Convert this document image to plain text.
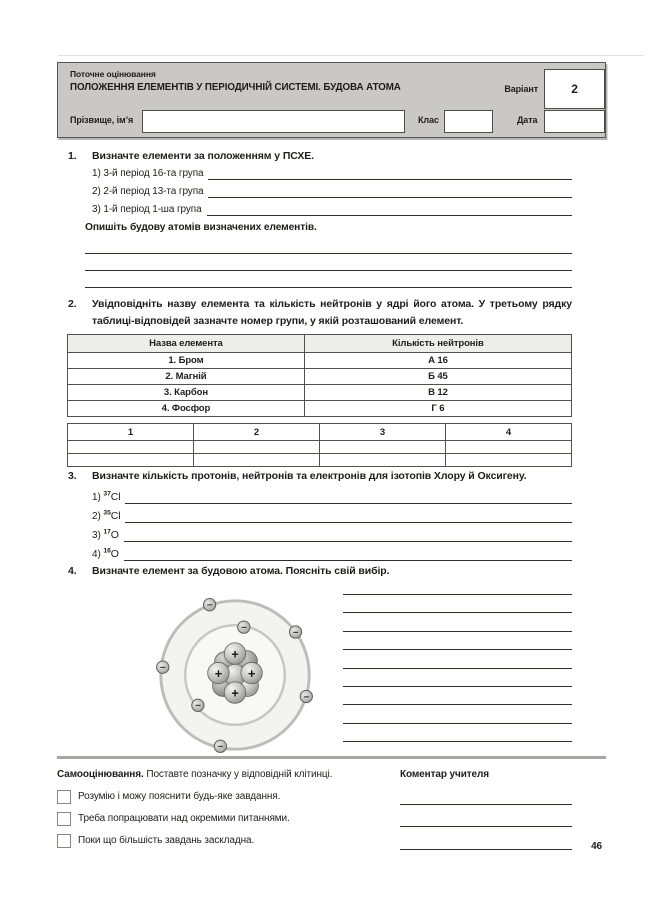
Поточне оцінювання
ПОЛОЖЕННЯ ЕЛЕМЕНТІВ У ПЕРІОДИЧНІЙ СИСТЕМІ. БУДОВА АТОМА	Варіант	2
Прізвище, ім’я	Клас	Дата
1.	Визначте елементи за положенням у ПСХЕ.
1) 3-й період 16-та група
2) 2-й період 13-та група
3) 1-й період 1-ша група
Опишіть будову атомів визначених елементів.
2.	Увідповідніть назву елемента та кількість нейтронів у ядрі його атома. У третьому рядку таблиці-відповідей зазначте номер групи, у якій розташований елемент.
Назва елемента	Кількість нейтронів
1. Бром	А 16
2. Магній	Б 45
3. Карбон	В 12
4. Фосфор	Г 6
1	2	3	4

3.	Визначте кількість протонів, нейтронів та електронів для ізотопів Хлору й Оксигену.
1) $^{37}$Cl
2) $^{35}$Cl
3) $^{17}$O
4) $^{16}$O
4.	Визначте елемент за будовою атома. Поясніть свій вибір.
+
+ +
+
−
−
−
−
−
−
−
Самооцінювання. Поставте позначку у відповідній клітинці.
Розумію і можу пояснити будь-яке завдання.
Треба попрацювати над окремими питаннями.
Поки що більшість завдань заскладна.
Коментар учителя
46
